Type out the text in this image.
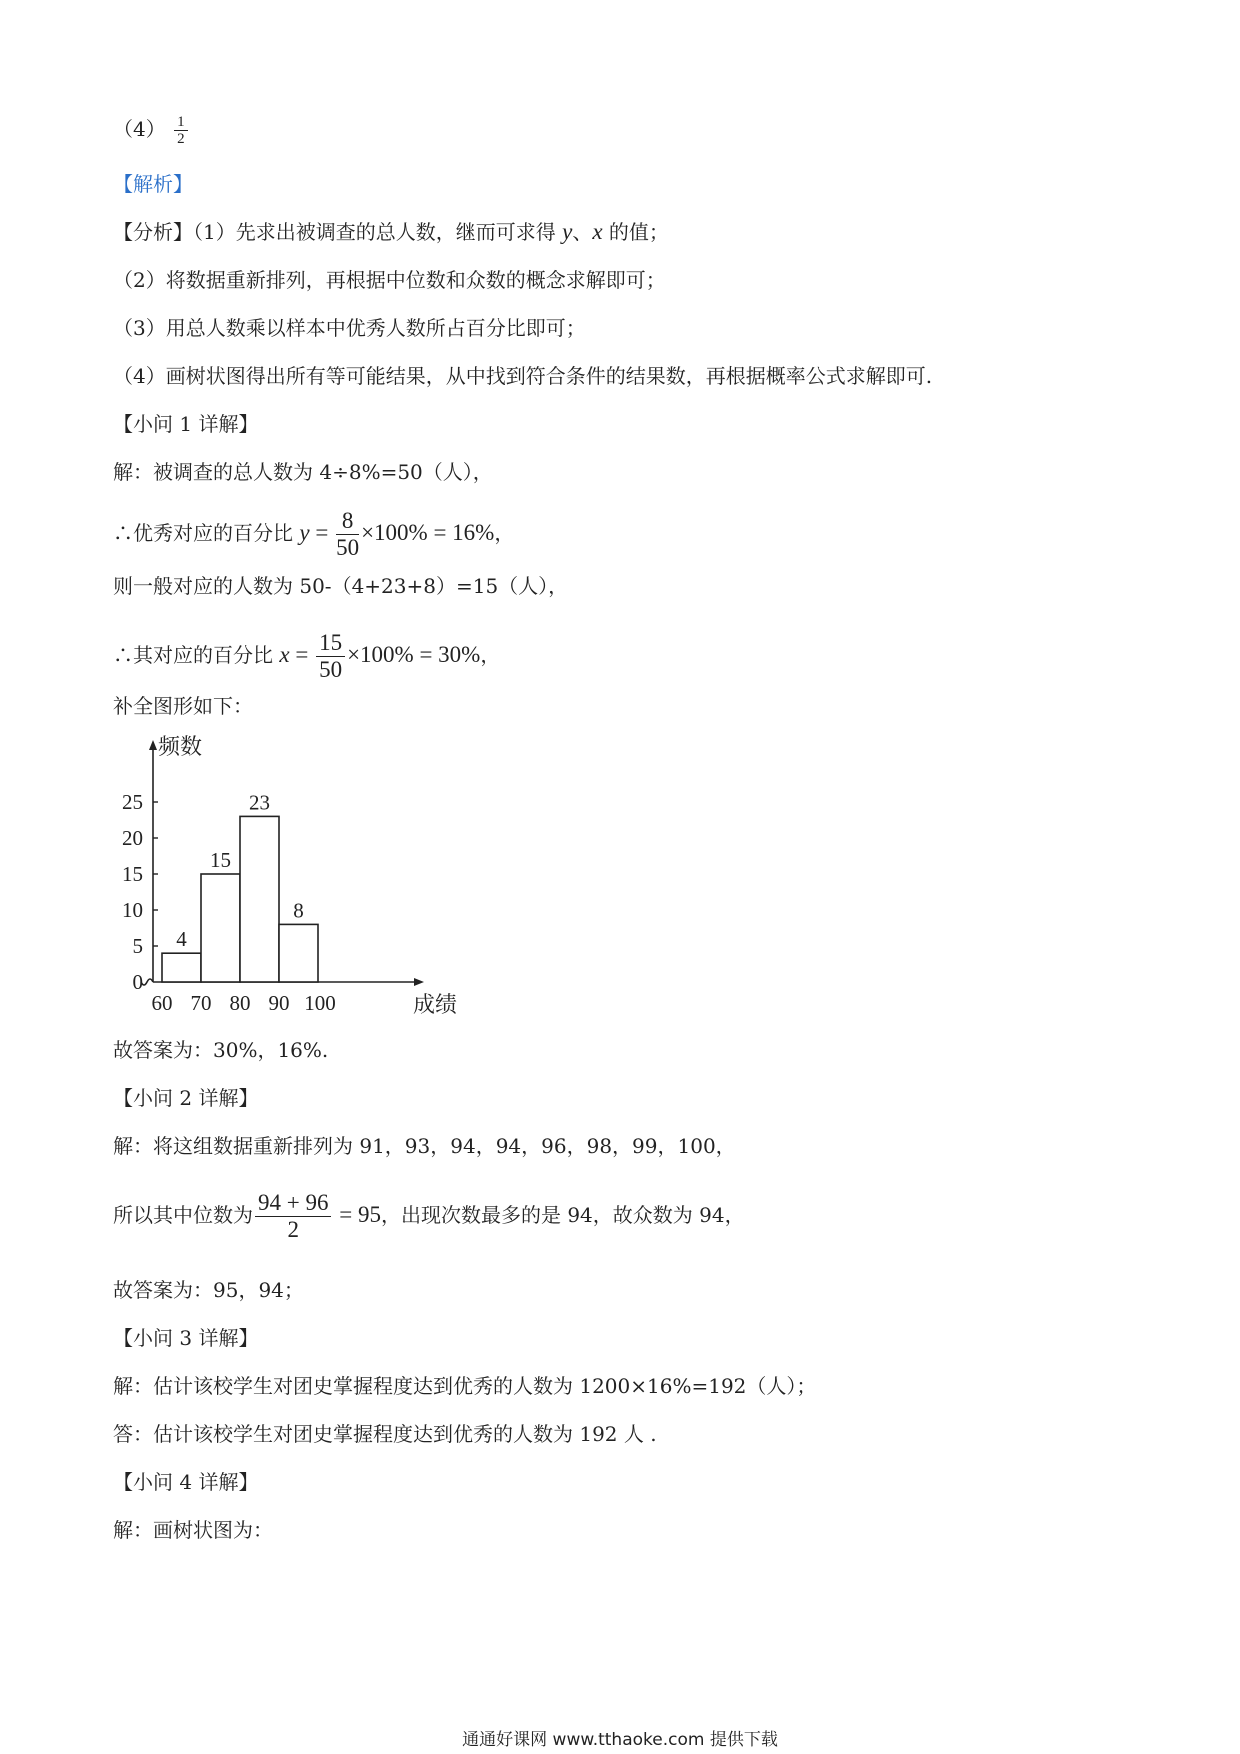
$(4) \frac{1}{2}$
【解析】
【分析】（1）先求出被调查的总人数，继而可求得 y、x 的值；
（2）将数据重新排列，再根据中位数和众数的概念求解即可；
（3）用总人数乘以样本中优秀人数所占百分比即可；
（4）画树状图得出所有等可能结果，从中找到符合条件的结果数，再根据概率公式求解即可.
【小问 1 详解】
解：被调查的总人数为 4÷8%=50（人），
∴优秀对应的百分比 $y = \frac{8}{50} \times 100\% = 16\%$，
则一般对应的人数为 50-（4+23+8）=15（人），
∴其对应的百分比 $x = \frac{15}{50} \times 100\% = 30\%$，
补全图形如下：
频数
成绩
4
15
23
8
0
5
10
15
20
25
60 70 80 90 100
故答案为：30%，16%.
【小问 2 详解】
解：将这组数据重新排列为 91，93，94，94，96，98，99，100，
所以其中位数为 $\frac{94 + 96}{2} = 95$，出现次数最多的是 94，故众数为 94，
故答案为：95，94；
【小问 3 详解】
解：估计该校学生对团史掌握程度达到优秀的人数为 1200×16%=192（人）；
答：估计该校学生对团史掌握程度达到优秀的人数为 192 人 .
【小问 4 详解】
解：画树状图为：
通通好课网 www.tthaoke.com 提供下载
